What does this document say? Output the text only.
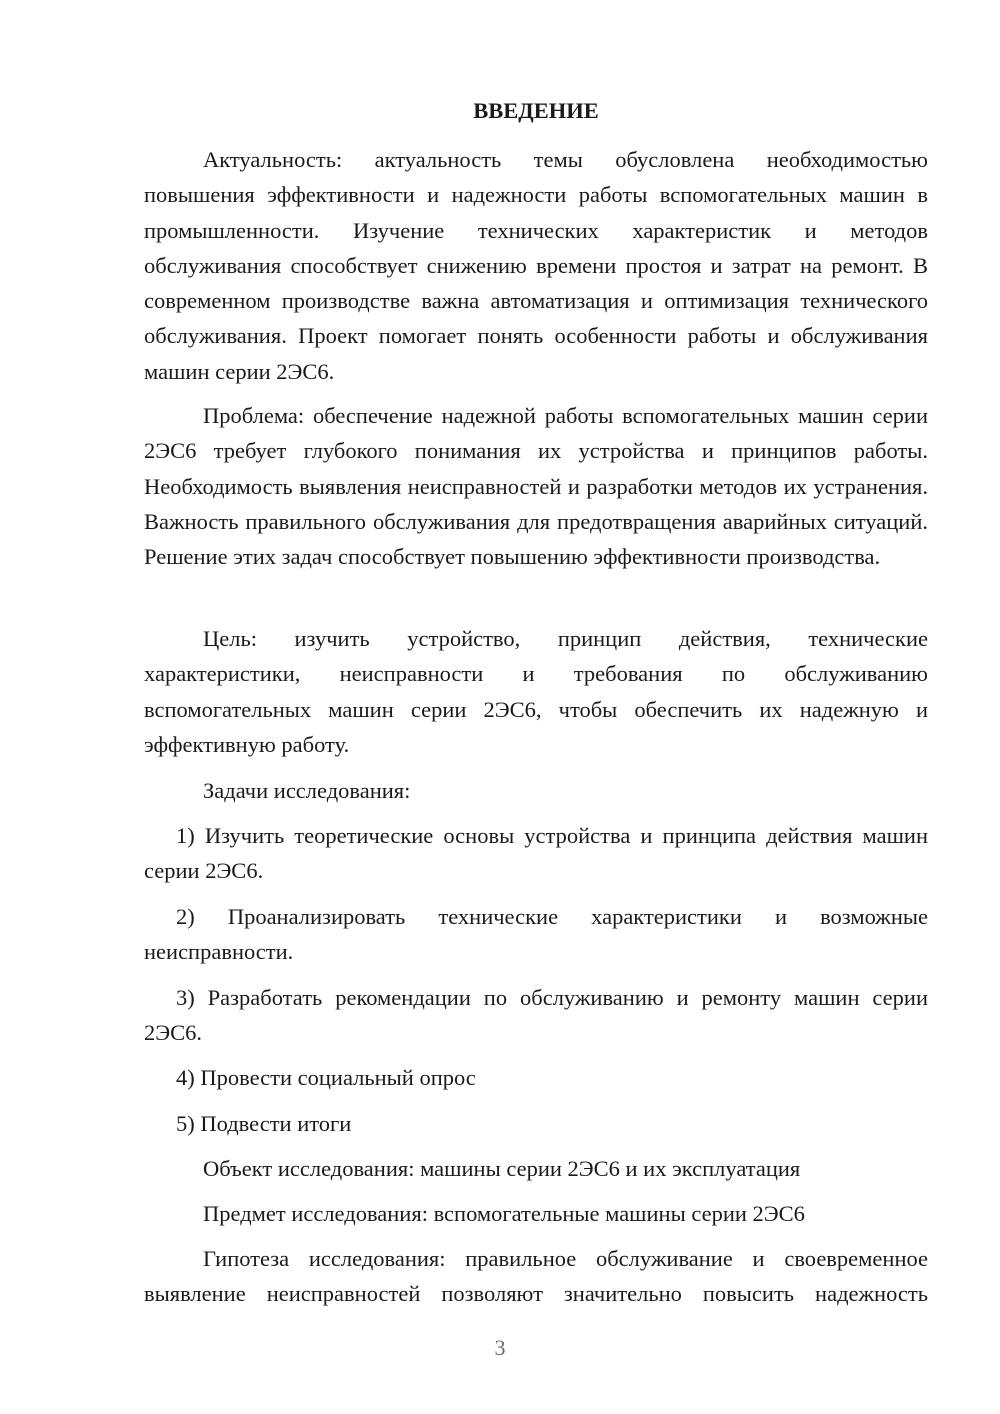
ВВЕДЕНИЕ

Актуальность: актуальность темы обусловлена необходимостью повышения эффективности и надежности работы вспомогательных машин в промышленности. Изучение технических характеристик и методов обслуживания способствует снижению времени простоя и затрат на ремонт. В современном производстве важна автоматизация и оптимизация технического обслуживания. Проект помогает понять особенности работы и обслуживания машин серии 2ЭС6.

Проблема: обеспечение надежной работы вспомогательных машин серии 2ЭС6 требует глубокого понимания их устройства и принципов работы. Необходимость выявления неисправностей и разработки методов их устранения. Важность правильного обслуживания для предотвращения аварийных ситуаций. Решение этих задач способствует повышению эффективности производства.

Цель: изучить устройство, принцип действия, технические характеристики, неисправности и требования по обслуживанию вспомогательных машин серии 2ЭС6, чтобы обеспечить их надежную и эффективную работу.

Задачи исследования:

1) Изучить теоретические основы устройства и принципа действия машин серии 2ЭС6.

2) Проанализировать технические характеристики и возможные неисправности.

3) Разработать рекомендации по обслуживанию и ремонту машин серии 2ЭС6.

4) Провести социальный опрос

5) Подвести итоги

Объект исследования: машины серии 2ЭС6 и их эксплуатация

Предмет исследования: вспомогательные машины серии 2ЭС6

Гипотеза исследования: правильное обслуживание и своевременное выявление неисправностей позволяют значительно повысить надежность

3
